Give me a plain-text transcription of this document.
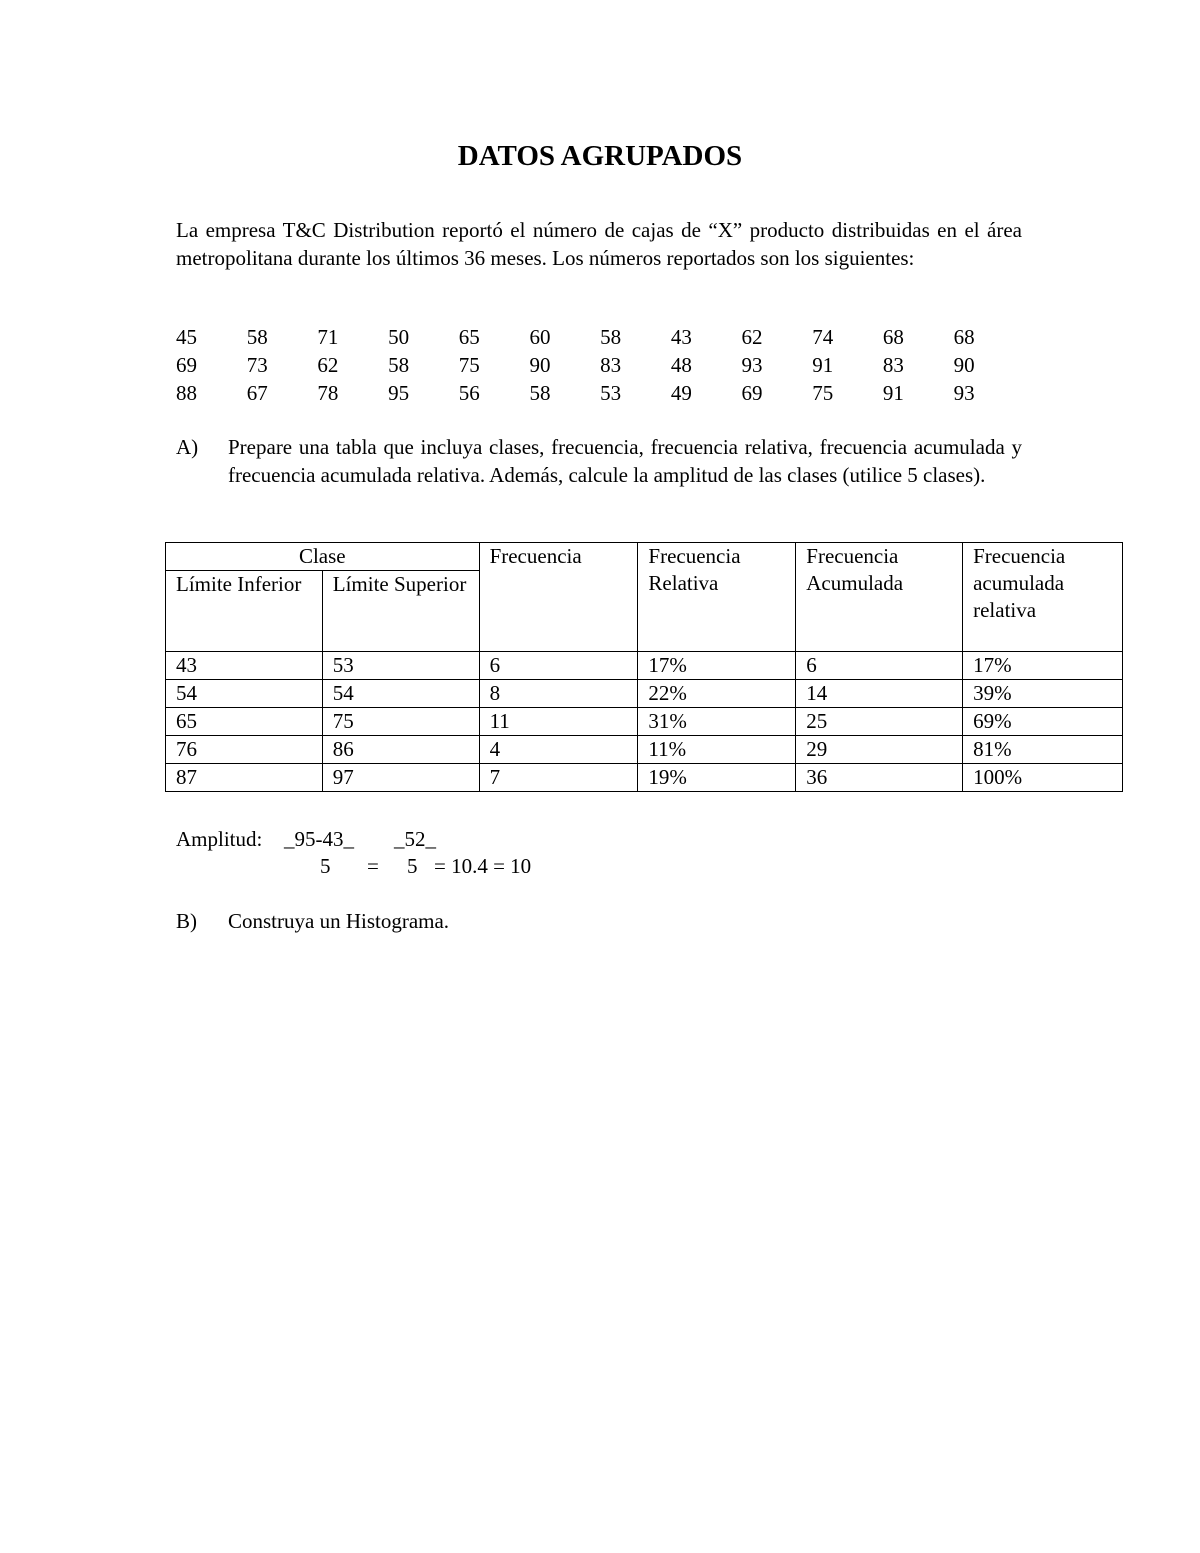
DATOS AGRUPADOS

La empresa T&C Distribution reportó el número de cajas de “X” producto distribuidas en el área metropolitana durante los últimos 36 meses. Los números reportados son los siguientes:

45	58	71	50	65	60	58	43	62	74	68	68
69	73	62	58	75	90	83	48	93	91	83	90
88	67	78	95	56	58	53	49	69	75	91	93
A)	Prepare una tabla que incluya clases, frecuencia, frecuencia relativa, frecuencia acumulada y frecuencia acumulada relativa. Además, calcule la amplitud de las clases (utilice 5 clases).
Clase		Frecuencia	Frecuencia Relativa	Frecuencia Acumulada	Frecuencia acumulada relativa
Límite Inferior	Límite Superior				
43	53	6	17%	6	17%
54	54	8	22%	14	39%
65	75	11	31%	25	69%
76	86	4	11%	29	81%
87	97	7	19%	36	100%
Amplitud: _95-43_ _52_
5 = 5 = 10.4 = 10
B)	Construya un Histograma.
